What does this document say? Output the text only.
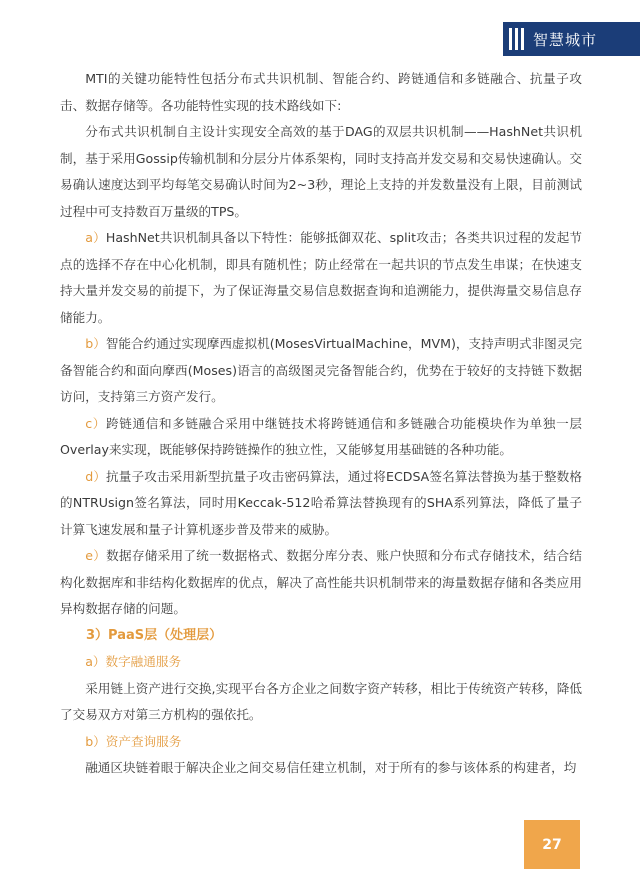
智慧城市

MTI的关键功能特性包括分布式共识机制、智能合约、跨链通信和多链融合、抗量子攻击、数据存储等。各功能特性实现的技术路线如下:

分布式共识机制自主设计实现安全高效的基于DAG的双层共识机制——HashNet共识机制，基于采用Gossip传输机制和分层分片体系架构，同时支持高并发交易和交易快速确认。交易确认速度达到平均每笔交易确认时间为2~3秒，理论上支持的并发数量没有上限，目前测试过程中可支持数百万量级的TPS。

a）HashNet共识机制具备以下特性：能够抵御双花、split攻击；各类共识过程的发起节点的选择不存在中心化机制，即具有随机性；防止经常在一起共识的节点发生串谋；在快速支持大量并发交易的前提下，为了保证海量交易信息数据查询和追溯能力，提供海量交易信息存储能力。

b）智能合约通过实现摩西虚拟机(MosesVirtualMachine，MVM)，支持声明式非图灵完备智能合约和面向摩西(Moses)语言的高级图灵完备智能合约，优势在于较好的支持链下数据访问，支持第三方资产发行。

c）跨链通信和多链融合采用中继链技术将跨链通信和多链融合功能模块作为单独一层Overlay来实现，既能够保持跨链操作的独立性，又能够复用基础链的各种功能。

d）抗量子攻击采用新型抗量子攻击密码算法，通过将ECDSA签名算法替换为基于整数格的NTRUsign签名算法，同时用Keccak-512哈希算法替换现有的SHA系列算法，降低了量子计算飞速发展和量子计算机逐步普及带来的威胁。

e）数据存储采用了统一数据格式、数据分库分表、账户快照和分布式存储技术，结合结构化数据库和非结构化数据库的优点，解决了高性能共识机制带来的海量数据存储和各类应用异构数据存储的问题。

3）PaaS层（处理层）

a）数字融通服务

采用链上资产进行交换,实现平台各方企业之间数字资产转移，相比于传统资产转移，降低了交易双方对第三方机构的强依托。

b）资产查询服务

融通区块链着眼于解决企业之间交易信任建立机制，对于所有的参与该体系的构建者，均

27
